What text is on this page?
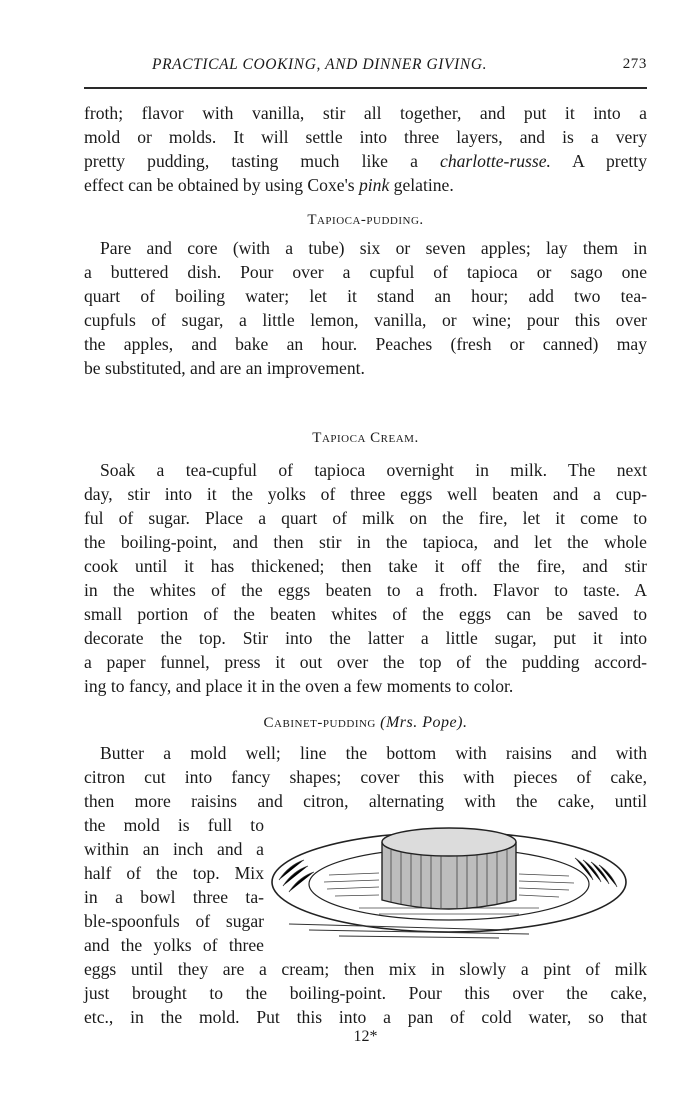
PRACTICAL COOKING, AND DINNER GIVING.	273
froth; flavor with vanilla, stir all together, and put it into a
mold or molds. It will settle into three layers, and is a very
pretty pudding, tasting much like a charlotte-russe. A pretty
effect can be obtained by using Coxe's pink gelatine.
Tapioca-pudding.
Pare and core (with a tube) six or seven apples; lay them in
a buttered dish. Pour over a cupful of tapioca or sago one
quart of boiling water; let it stand an hour; add two tea-
cupfuls of sugar, a little lemon, vanilla, or wine; pour this over
the apples, and bake an hour. Peaches (fresh or canned) may
be substituted, and are an improvement.
Tapioca Cream.
Soak a tea-cupful of tapioca overnight in milk. The next
day, stir into it the yolks of three eggs well beaten and a cup-
ful of sugar. Place a quart of milk on the fire, let it come to
the boiling-point, and then stir in the tapioca, and let the whole
cook until it has thickened; then take it off the fire, and stir
in the whites of the eggs beaten to a froth. Flavor to taste. A
small portion of the beaten whites of the eggs can be saved to
decorate the top. Stir into the latter a little sugar, put it into
a paper funnel, press it out over the top of the pudding accord-
ing to fancy, and place it in the oven a few moments to color.
Cabinet-pudding (Mrs. Pope).
Butter a mold well; line the bottom with raisins and with
citron cut into fancy shapes; cover this with pieces of cake,
then more raisins and citron, alternating with the cake, until
the mold is full to
within an inch and a
half of the top. Mix
in a bowl three ta-
ble-spoonfuls of sugar
and the yolks of three
eggs until they are a cream; then mix in slowly a pint of milk
just brought to the boiling-point. Pour this over the cake,
etc., in the mold. Put this into a pan of cold water, so that
12*
